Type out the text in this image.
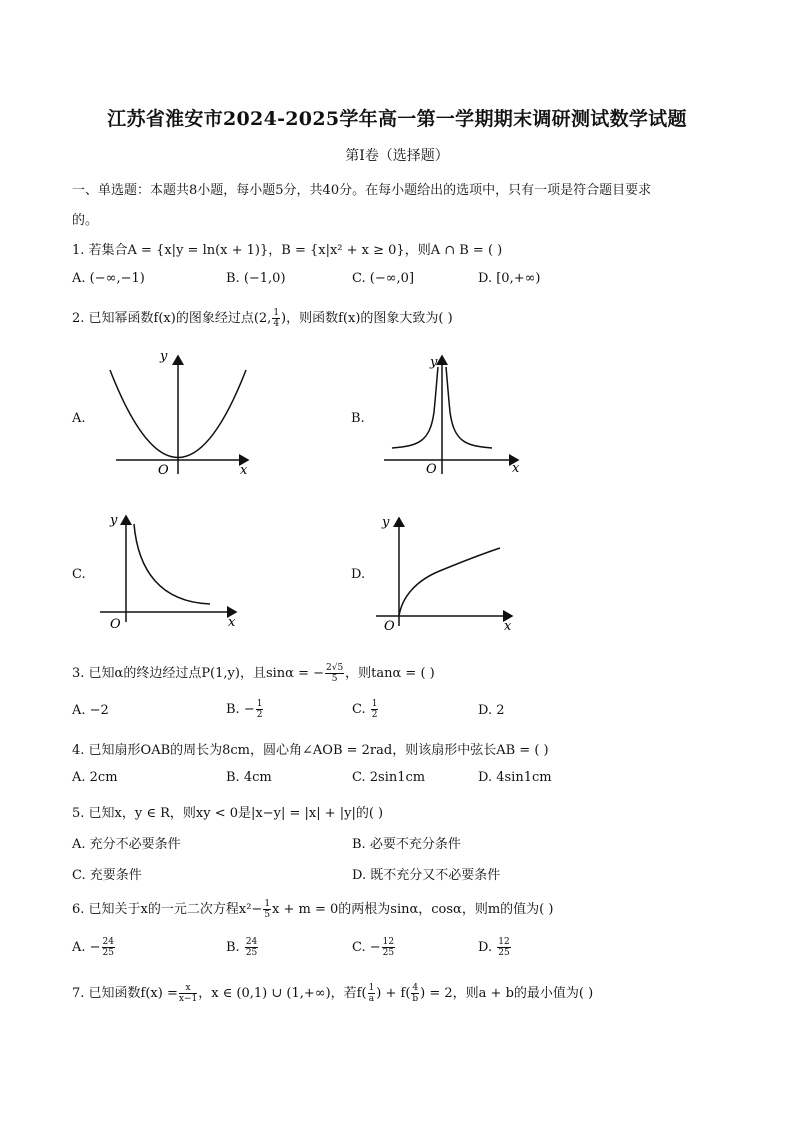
江苏省淮安市2024-2025学年高一第一学期期末调研测试数学试题
第I卷（选择题）
一、单选题：本题共8小题，每小题5分，共40分。在每小题给出的选项中，只有一项是符合题目要求
的。
1. 若集合A = {x|y = ln(x + 1)}，B = {x|x² + x ≥ 0}，则A ∩ B = ( )
A. (−∞,−1)	B. (−1,0)	C. (−∞,0]	D. [0,+∞)
2. 已知幂函数f(x)的图象经过点(2, $\frac{1}{4}$ )，则函数f(x)的图象大致为( )
A.	B.
C.	D.
y
x
O
y
x
O
y
x
O
y
x
O
3. 已知α的终边经过点P(1,y)，且sinα = − $\frac{2√5}{5}$ ，则tanα = ( )
A. −2	B. − $\frac{1}{2}$	C. $\frac{1}{2}$	D. 2
4. 已知扇形OAB的周长为8cm，圆心角∠AOB = 2rad，则该扇形中弦长AB = ( )
A. 2cm	B. 4cm	C. 2sin1cm	D. 4sin1cm
5. 已知x，y ∈ R，则xy < 0是|x−y| = |x| + |y|的( )
A. 充分不必要条件	B. 必要不充分条件
C. 充要条件	D. 既不充分又不必要条件
6. 已知关于x的一元二次方程$x^2- \frac{1}{5}$ x + m = 0的两根为sinα，cosα，则m的值为( )
A. − $\frac{24}{25}$	B. $\frac{24}{25}$	C. − $\frac{12}{25}$	D. $\frac{12}{25}$
7. 已知函数$f(x) = \frac{x}{x-1}$ ，x ∈ (0,1) ∪ (1,+∞)，若$f( \frac{1}{a}$ ) + $f( \frac{4}{b}$ ) = 2，则a + b的最小值为( )
